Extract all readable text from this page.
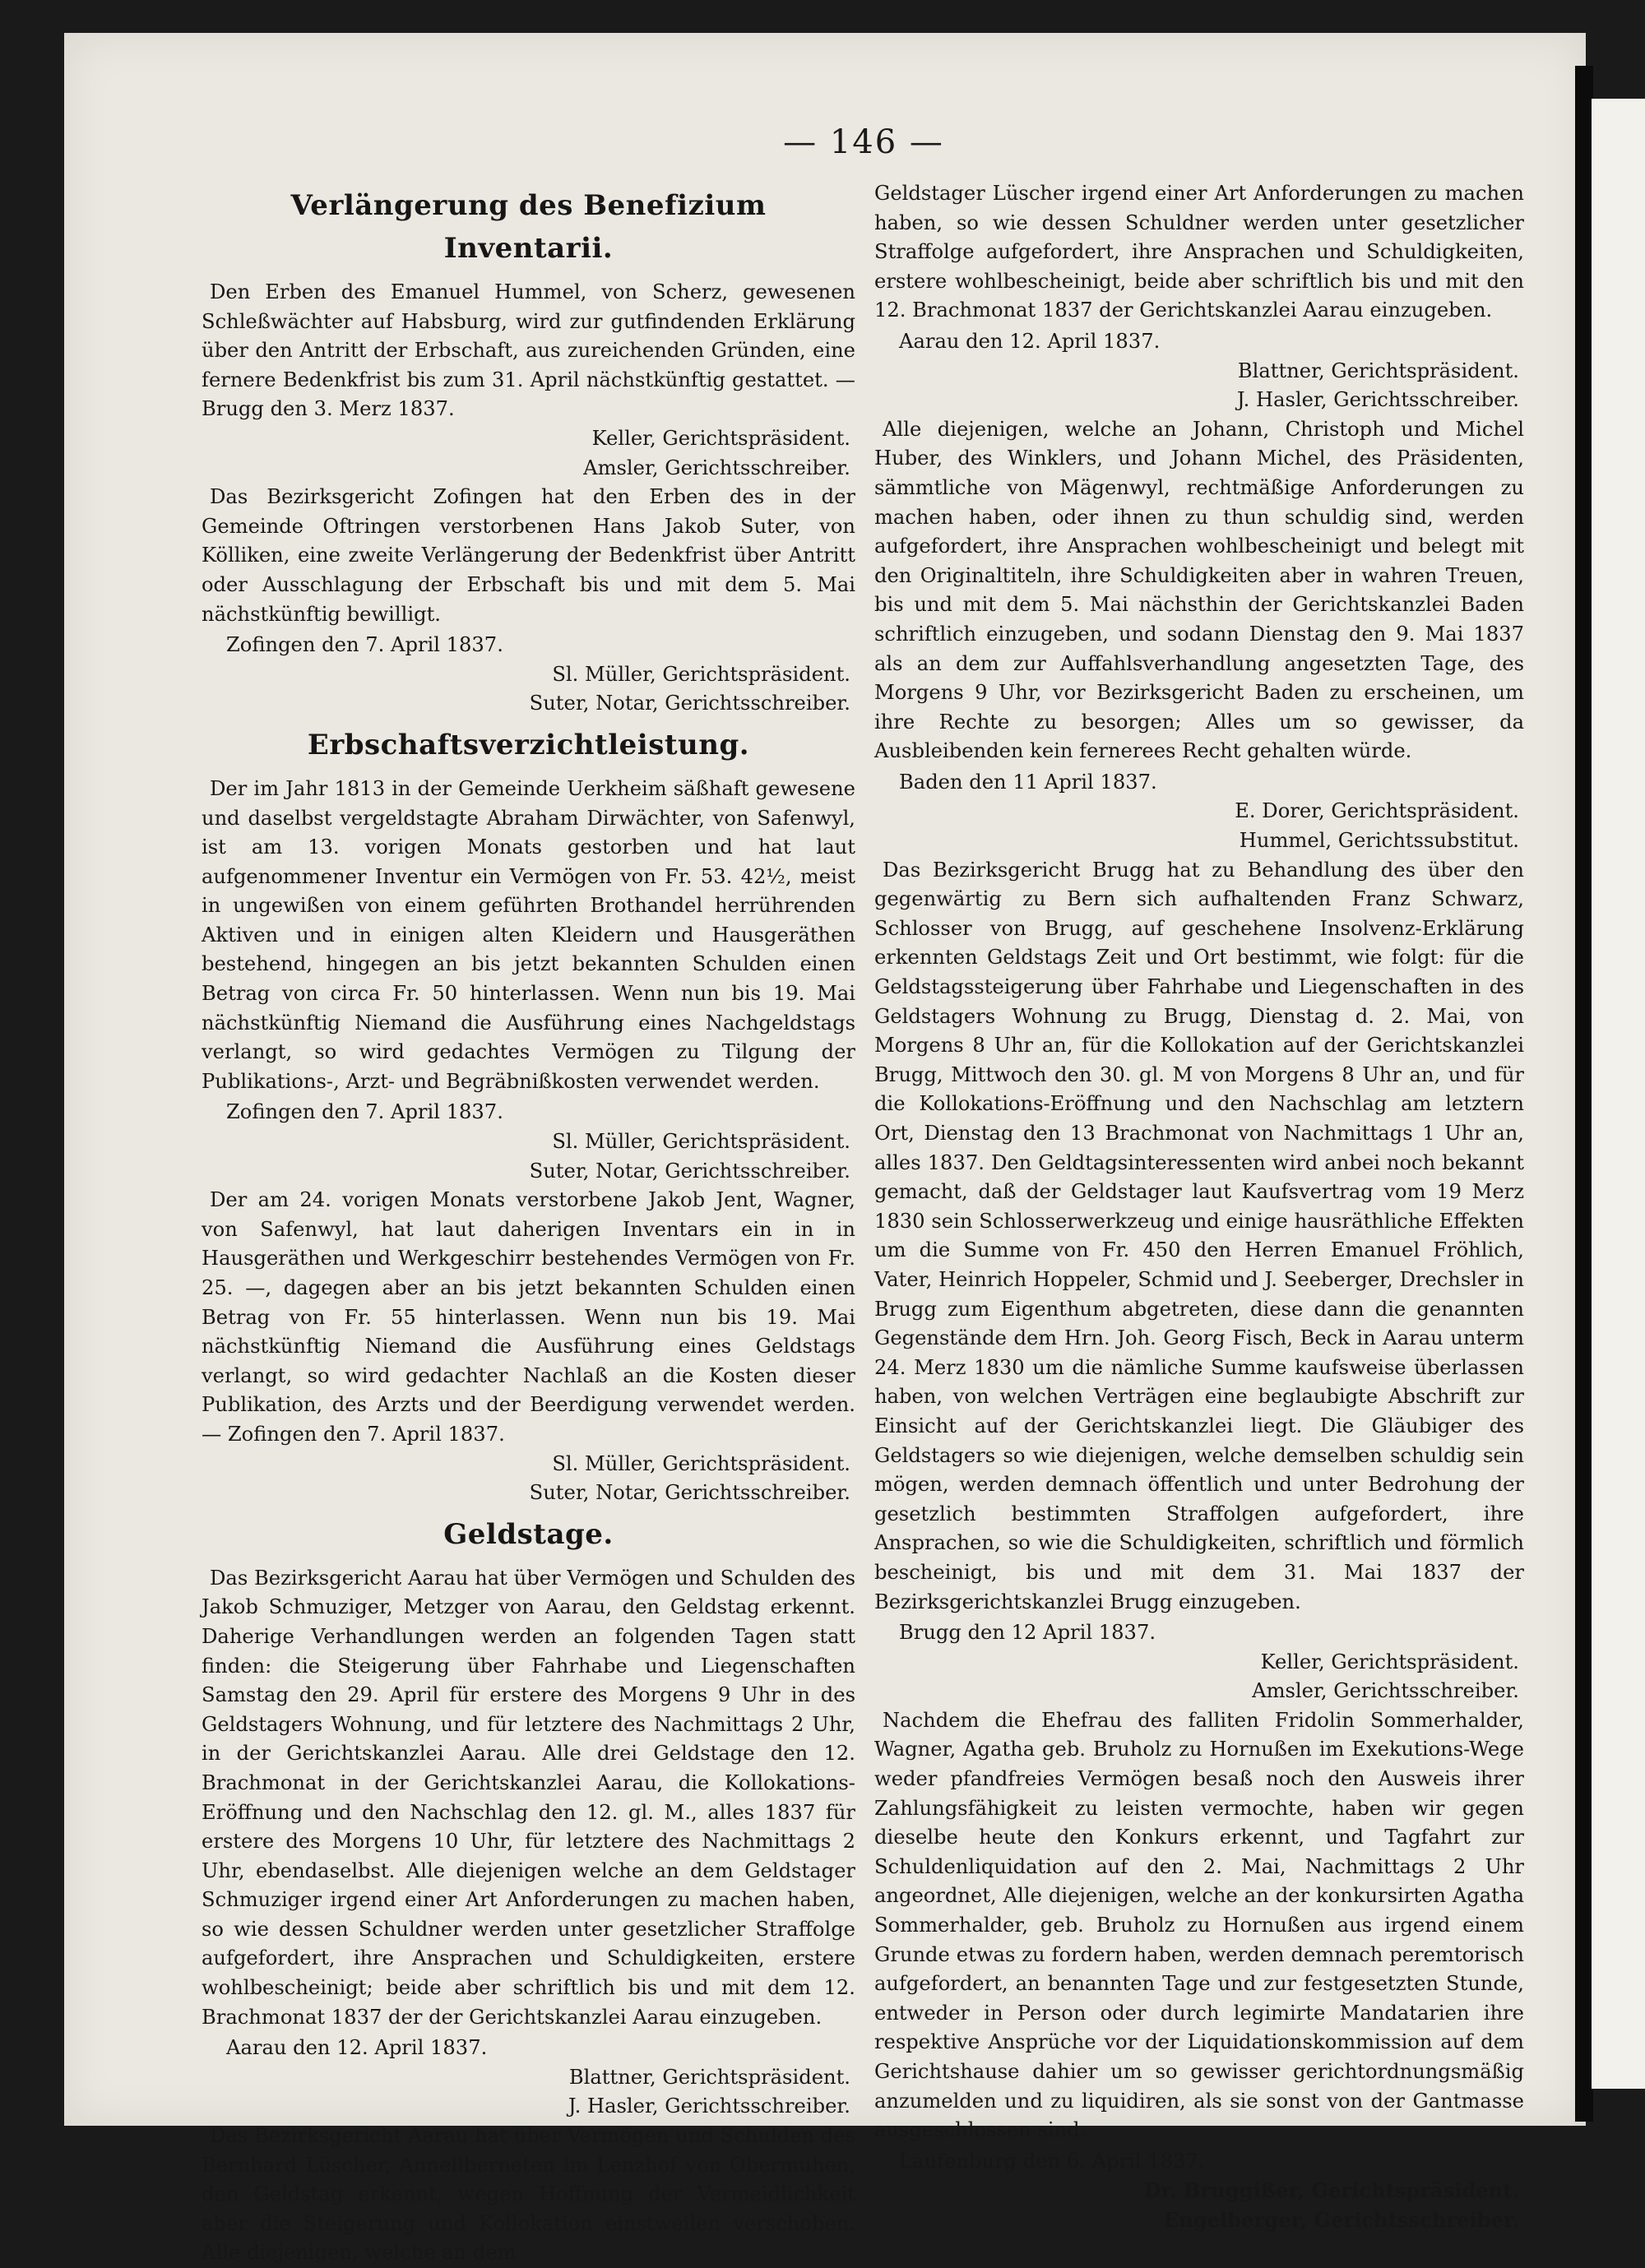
— 146 —
Verlängerung des Benefizium Inventarii.

Den Erben des Emanuel Hummel, von Scherz, gewesenen Schleßwächter auf Habsburg, wird zur gutfindenden Erklärung über den Antritt der Erbschaft, aus zureichenden Gründen, eine fernere Bedenkfrist bis zum 31. April nächstkünftig gestattet. — Brugg den 3. Merz 1837.

Keller, Gerichtspräsident.

Amsler, Gerichtsschreiber.

Das Bezirksgericht Zofingen hat den Erben des in der Gemeinde Oftringen verstorbenen Hans Jakob Suter, von Kölliken, eine zweite Verlängerung der Bedenkfrist über Antritt oder Ausschlagung der Erbschaft bis und mit dem 5. Mai nächstkünftig bewilligt.

Zofingen den 7. April 1837.

Sl. Müller, Gerichtspräsident.

Suter, Notar, Gerichtsschreiber.

Erbschaftsverzichtleistung.

Der im Jahr 1813 in der Gemeinde Uerkheim säßhaft gewesene und daselbst vergeldstagte Abraham Dirwächter, von Safenwyl, ist am 13. vorigen Monats gestorben und hat laut aufgenommener Inventur ein Vermögen von Fr. 53. 42½, meist in ungewißen von einem geführten Brothandel herrührenden Aktiven und in einigen alten Kleidern und Hausgeräthen bestehend, hingegen an bis jetzt bekannten Schulden einen Betrag von circa Fr. 50 hinterlassen. Wenn nun bis 19. Mai nächstkünftig Niemand die Ausführung eines Nachgeldstags verlangt, so wird gedachtes Vermögen zu Tilgung der Publikations-, Arzt- und Begräbnißkosten verwendet werden.

Zofingen den 7. April 1837.

Sl. Müller, Gerichtspräsident.

Suter, Notar, Gerichtsschreiber.

Der am 24. vorigen Monats verstorbene Jakob Jent, Wagner, von Safenwyl, hat laut daherigen Inventars ein in in Hausgeräthen und Werkgeschirr bestehendes Vermögen von Fr. 25. —, dagegen aber an bis jetzt bekannten Schulden einen Betrag von Fr. 55 hinterlassen. Wenn nun bis 19. Mai nächstkünftig Niemand die Ausführung eines Geldstags verlangt, so wird gedachter Nachlaß an die Kosten dieser Publikation, des Arzts und der Beerdigung verwendet werden. — Zofingen den 7. April 1837.

Sl. Müller, Gerichtspräsident.

Suter, Notar, Gerichtsschreiber.

Geldstage.

Das Bezirksgericht Aarau hat über Vermögen und Schulden des Jakob Schmuziger, Metzger von Aarau, den Geldstag erkennt. Daherige Verhandlungen werden an folgenden Tagen statt finden: die Steigerung über Fahrhabe und Liegenschaften Samstag den 29. April für erstere des Morgens 9 Uhr in des Geldstagers Wohnung, und für letztere des Nachmittags 2 Uhr, in der Gerichtskanzlei Aarau. Alle drei Geldstage den 12. Brachmonat in der Gerichtskanzlei Aarau, die Kollokations-Eröffnung und den Nachschlag den 12. gl. M., alles 1837 für erstere des Morgens 10 Uhr, für letztere des Nachmittags 2 Uhr, ebendaselbst. Alle diejenigen welche an dem Geldstager Schmuziger irgend einer Art Anforderungen zu machen haben, so wie dessen Schuldner werden unter gesetzlicher Straffolge aufgefordert, ihre Ansprachen und Schuldigkeiten, erstere wohlbescheinigt; beide aber schriftlich bis und mit dem 12. Brachmonat 1837 der der Gerichtskanzlei Aarau einzugeben.

Aarau den 12. April 1837.

Blattner, Gerichtspräsident.

J. Hasler, Gerichtsschreiber.

Das Bezirksgericht Aarau hat über Vermögen und Schulden des Bernhard Lüscher, Anneliberneten im Lenzhof von Obermuhen, den Geldstag erkennt, wegen Hoffnung der Vermeidlichkeit aber die Steigerung und Kollokation einstweilen verschoben. Alle diejenigen, welche an dem

Geldstager Lüscher irgend einer Art Anforderungen zu machen haben, so wie dessen Schuldner werden unter gesetzlicher Straffolge aufgefordert, ihre Ansprachen und Schuldigkeiten, erstere wohlbescheinigt, beide aber schriftlich bis und mit den 12. Brachmonat 1837 der Gerichtskanzlei Aarau einzugeben.

Aarau den 12. April 1837.

Blattner, Gerichtspräsident.

J. Hasler, Gerichtsschreiber.

Alle diejenigen, welche an Johann, Christoph und Michel Huber, des Winklers, und Johann Michel, des Präsidenten, sämmtliche von Mägenwyl, rechtmäßige Anforderungen zu machen haben, oder ihnen zu thun schuldig sind, werden aufgefordert, ihre Ansprachen wohlbescheinigt und belegt mit den Originaltiteln, ihre Schuldigkeiten aber in wahren Treuen, bis und mit dem 5. Mai nächsthin der Gerichtskanzlei Baden schriftlich einzugeben, und sodann Dienstag den 9. Mai 1837 als an dem zur Auffahlsverhandlung angesetzten Tage, des Morgens 9 Uhr, vor Bezirksgericht Baden zu erscheinen, um ihre Rechte zu besorgen; Alles um so gewisser, da Ausbleibenden kein fernerees Recht gehalten würde.

Baden den 11 April 1837.

E. Dorer, Gerichtspräsident.

Hummel, Gerichtssubstitut.

Das Bezirksgericht Brugg hat zu Behandlung des über den gegenwärtig zu Bern sich aufhaltenden Franz Schwarz, Schlosser von Brugg, auf geschehene Insolvenz-Erklärung erkennten Geldstags Zeit und Ort bestimmt, wie folgt: für die Geldstagssteigerung über Fahrhabe und Liegenschaften in des Geldstagers Wohnung zu Brugg, Dienstag d. 2. Mai, von Morgens 8 Uhr an, für die Kollokation auf der Gerichtskanzlei Brugg, Mittwoch den 30. gl. M von Morgens 8 Uhr an, und für die Kollokations-Eröffnung und den Nachschlag am letztern Ort, Dienstag den 13 Brachmonat von Nachmittags 1 Uhr an, alles 1837. Den Geldtagsinteressenten wird anbei noch bekannt gemacht, daß der Geldstager laut Kaufsvertrag vom 19 Merz 1830 sein Schlosserwerkzeug und einige hausräthliche Effekten um die Summe von Fr. 450 den Herren Emanuel Fröhlich, Vater, Heinrich Hoppeler, Schmid und J. Seeberger, Drechsler in Brugg zum Eigenthum abgetreten, diese dann die genannten Gegenstände dem Hrn. Joh. Georg Fisch, Beck in Aarau unterm 24. Merz 1830 um die nämliche Summe kaufsweise überlassen haben, von welchen Verträgen eine beglaubigte Abschrift zur Einsicht auf der Gerichtskanzlei liegt. Die Gläubiger des Geldstagers so wie diejenigen, welche demselben schuldig sein mögen, werden demnach öffentlich und unter Bedrohung der gesetzlich bestimmten Straffolgen aufgefordert, ihre Ansprachen, so wie die Schuldigkeiten, schriftlich und förmlich bescheinigt, bis und mit dem 31. Mai 1837 der Bezirksgerichtskanzlei Brugg einzugeben.

Brugg den 12 April 1837.

Keller, Gerichtspräsident.

Amsler, Gerichtsschreiber.

Nachdem die Ehefrau des falliten Fridolin Sommerhalder, Wagner, Agatha geb. Bruholz zu Hornußen im Exekutions-Wege weder pfandfreies Vermögen besaß noch den Ausweis ihrer Zahlungsfähigkeit zu leisten vermochte, haben wir gegen dieselbe heute den Konkurs erkennt, und Tagfahrt zur Schuldenliquidation auf den 2. Mai, Nachmittags 2 Uhr angeordnet, Alle diejenigen, welche an der konkursirten Agatha Sommerhalder, geb. Bruholz zu Hornußen aus irgend einem Grunde etwas zu fordern haben, werden demnach peremtorisch aufgefordert, an benannten Tage und zur festgesetzten Stunde, entweder in Person oder durch legimirte Mandatarien ihre respektive Ansprüche vor der Liquidationskommission auf dem Gerichtshause dahier um so gewisser gerichtordnungsmäßig anzumelden und zu liquidiren, als sie sonst von der Gantmasse ausgeschlossen sind.

Laufenburg den 6. April 1837.

Dr. Bruggißer, Gerichtspräsident.

Engelberger, Gerichtsschreiber.
